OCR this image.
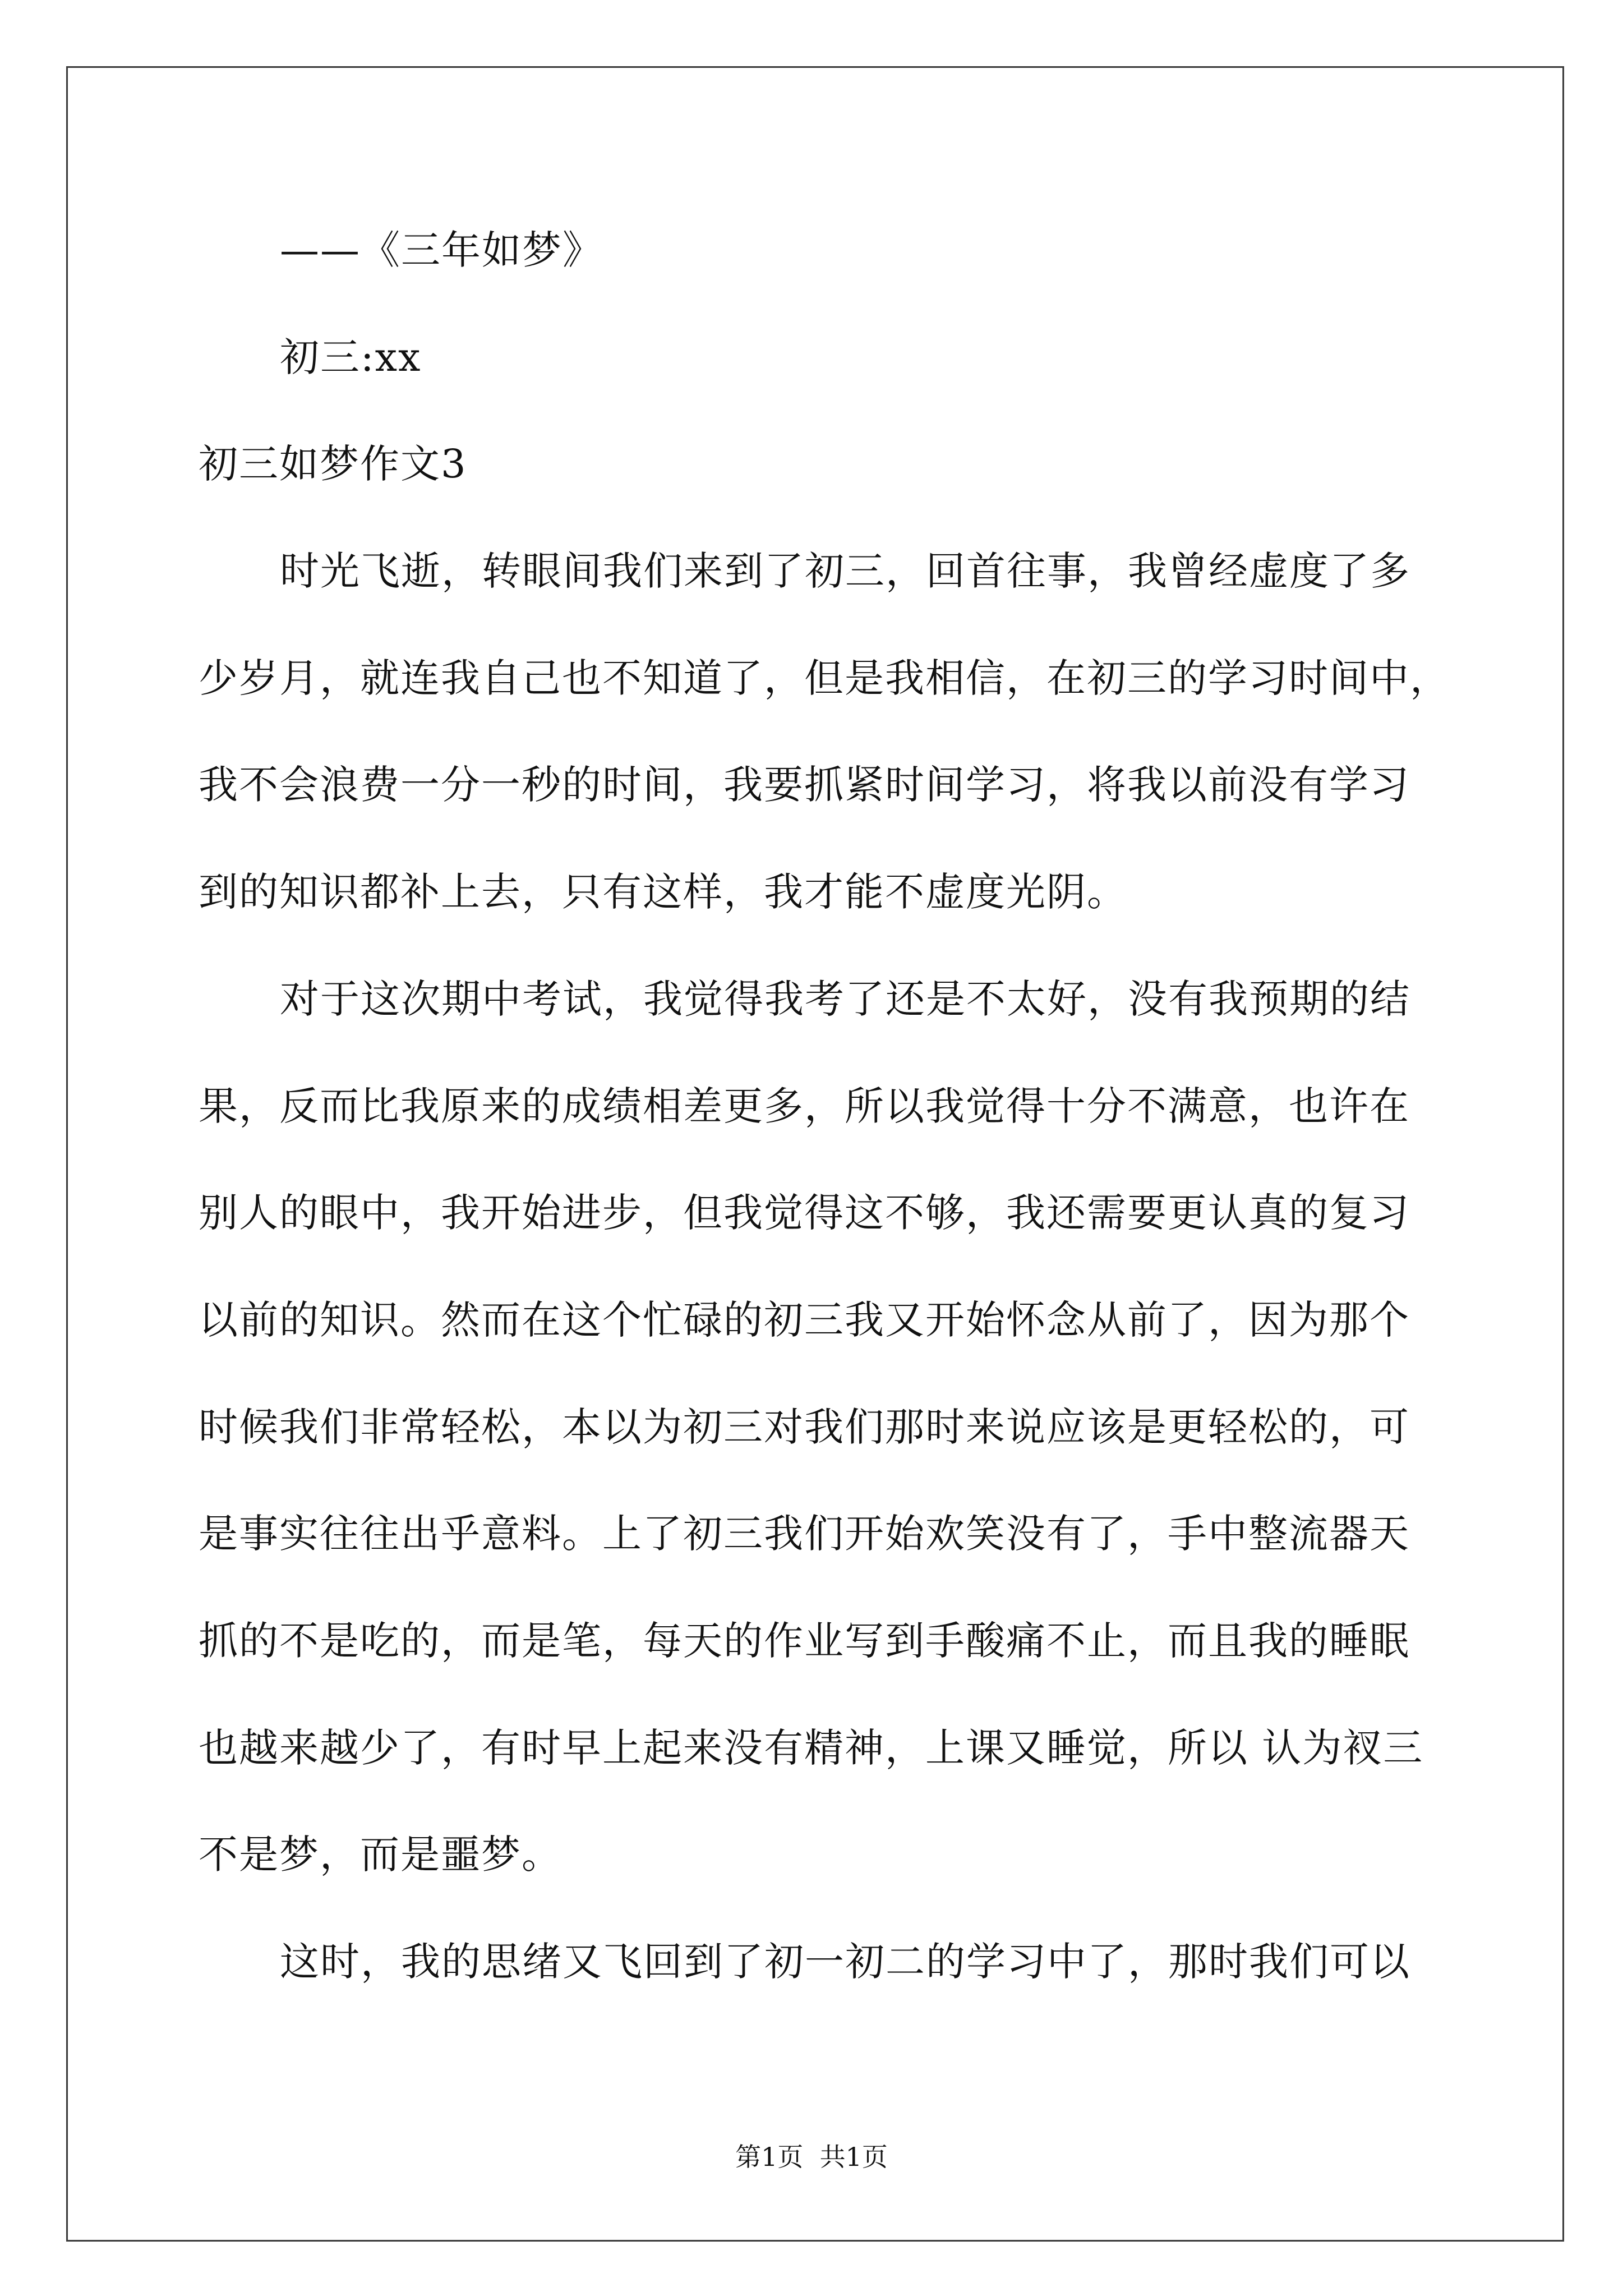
——《三年如梦》
初三:xx
初三如梦作文3
时光飞逝，转眼间我们来到了初三，回首往事，我曾经虚度了多
少岁月，就连我自己也不知道了，但是我相信，在初三的学习时间中，
我不会浪费一分一秒的时间，我要抓紧时间学习，将我以前没有学习
到的知识都补上去，只有这样，我才能不虚度光阴。
对于这次期中考试，我觉得我考了还是不太好，没有我预期的结
果，反而比我原来的成绩相差更多，所以我觉得十分不满意，也许在
别人的眼中，我开始进步，但我觉得这不够，我还需要更认真的复习
以前的知识。然而在这个忙碌的初三我又开始怀念从前了，因为那个
时候我们非常轻松，本以为初三对我们那时来说应该是更轻松的，可
是事实往往出乎意料。上了初三我们开始欢笑没有了，手中整流器天
抓的不是吃的，而是笔，每天的作业写到手酸痛不止，而且我的睡眠
也越来越少了，有时早上起来没有精神，上课又睡觉，所以 认为衩三
不是梦，而是噩梦。
这时，我的思绪又飞回到了初一初二的学习中了，那时我们可以
第1页  共1页
